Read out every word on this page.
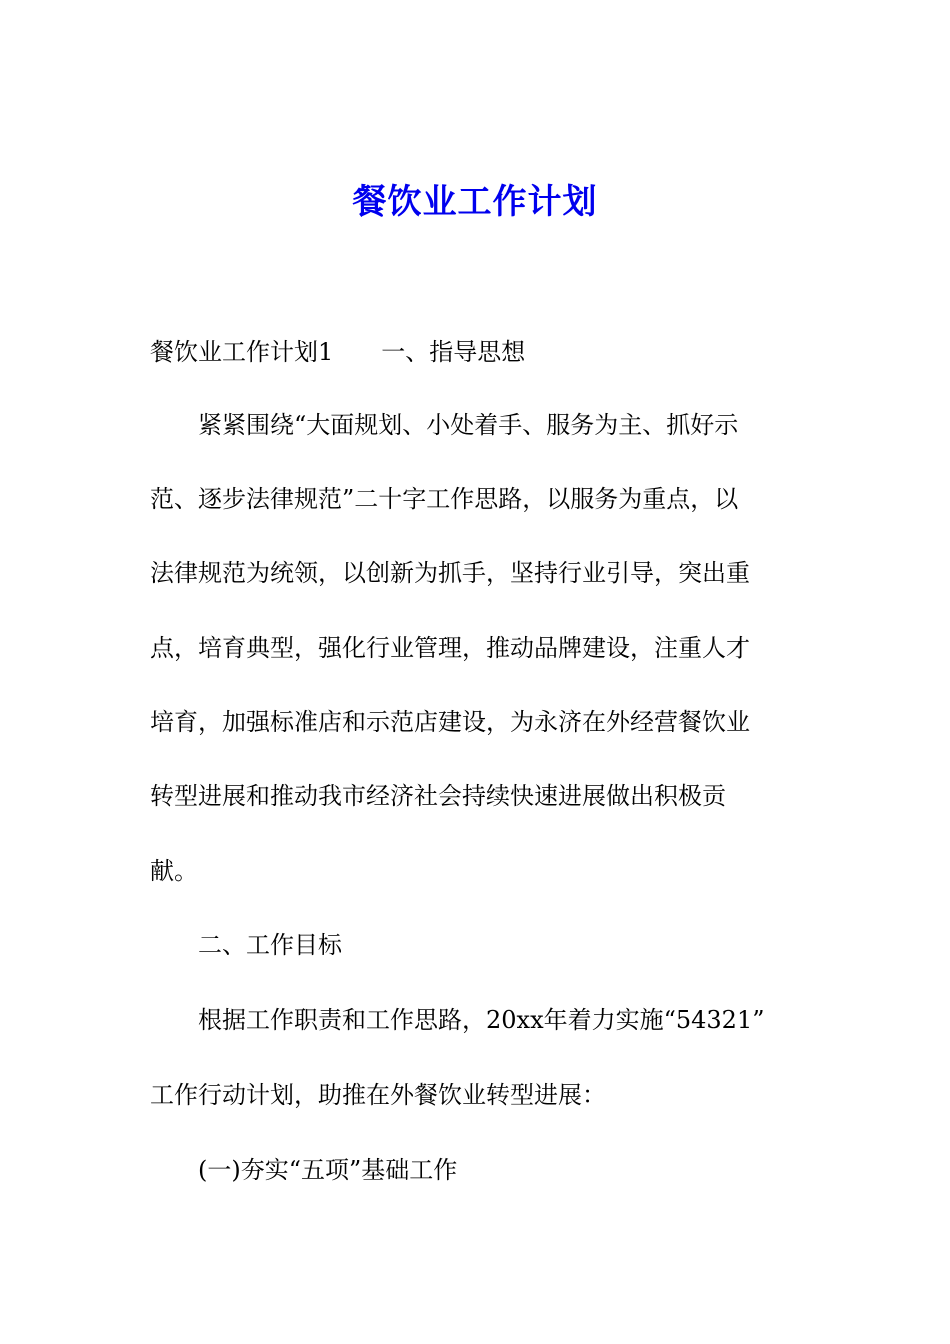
餐饮业工作计划
餐饮业工作计划1　　一、指导思想
　　紧紧围绕“大面规划、小处着手、服务为主、抓好示
范、逐步法律规范”二十字工作思路，以服务为重点，以
法律规范为统领，以创新为抓手，坚持行业引导，突出重
点，培育典型，强化行业管理，推动品牌建设，注重人才
培育，加强标准店和示范店建设，为永济在外经营餐饮业
转型进展和推动我市经济社会持续快速进展做出积极贡
献。
　　二、工作目标
　　根据工作职责和工作思路，20xx年着力实施“54321”
工作行动计划，助推在外餐饮业转型进展：
　　(一)夯实“五项”基础工作
